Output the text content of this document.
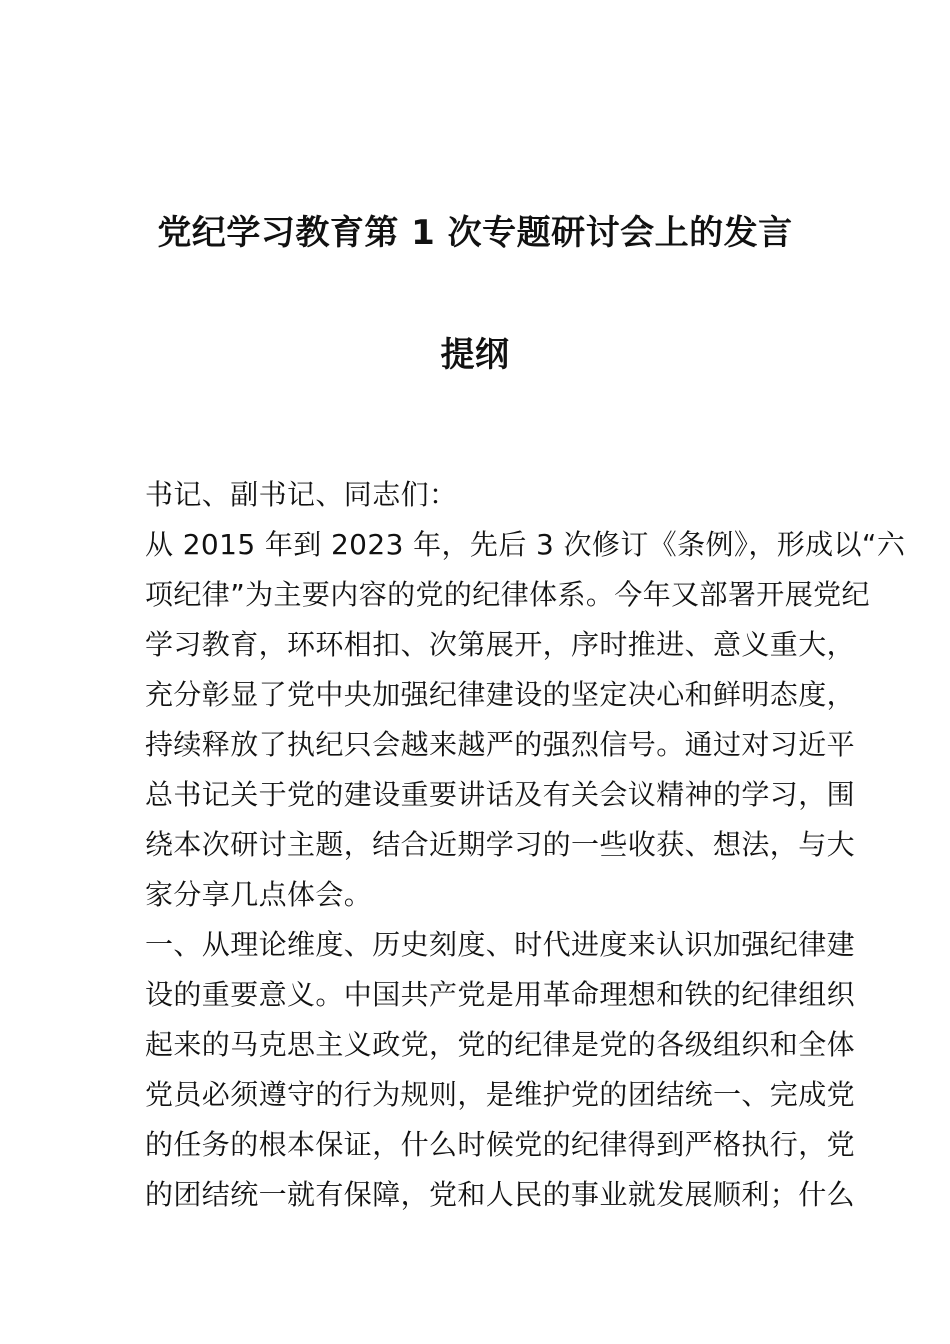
党纪学习教育第 1 次专题研讨会上的发言
提纲
书记、副书记、同志们：
从 2015 年到 2023 年，先后 3 次修订《条例》，形成以“六
项纪律”为主要内容的党的纪律体系。今年又部署开展党纪
学习教育，环环相扣、次第展开，序时推进、意义重大，
充分彰显了党中央加强纪律建设的坚定决心和鲜明态度，
持续释放了执纪只会越来越严的强烈信号。通过对习近平
总书记关于党的建设重要讲话及有关会议精神的学习，围
绕本次研讨主题，结合近期学习的一些收获、想法，与大
家分享几点体会。
一、从理论维度、历史刻度、时代进度来认识加强纪律建
设的重要意义。中国共产党是用革命理想和铁的纪律组织
起来的马克思主义政党，党的纪律是党的各级组织和全体
党员必须遵守的行为规则，是维护党的团结统一、完成党
的任务的根本保证，什么时候党的纪律得到严格执行，党
的团结统一就有保障，党和人民的事业就发展顺利；什么
